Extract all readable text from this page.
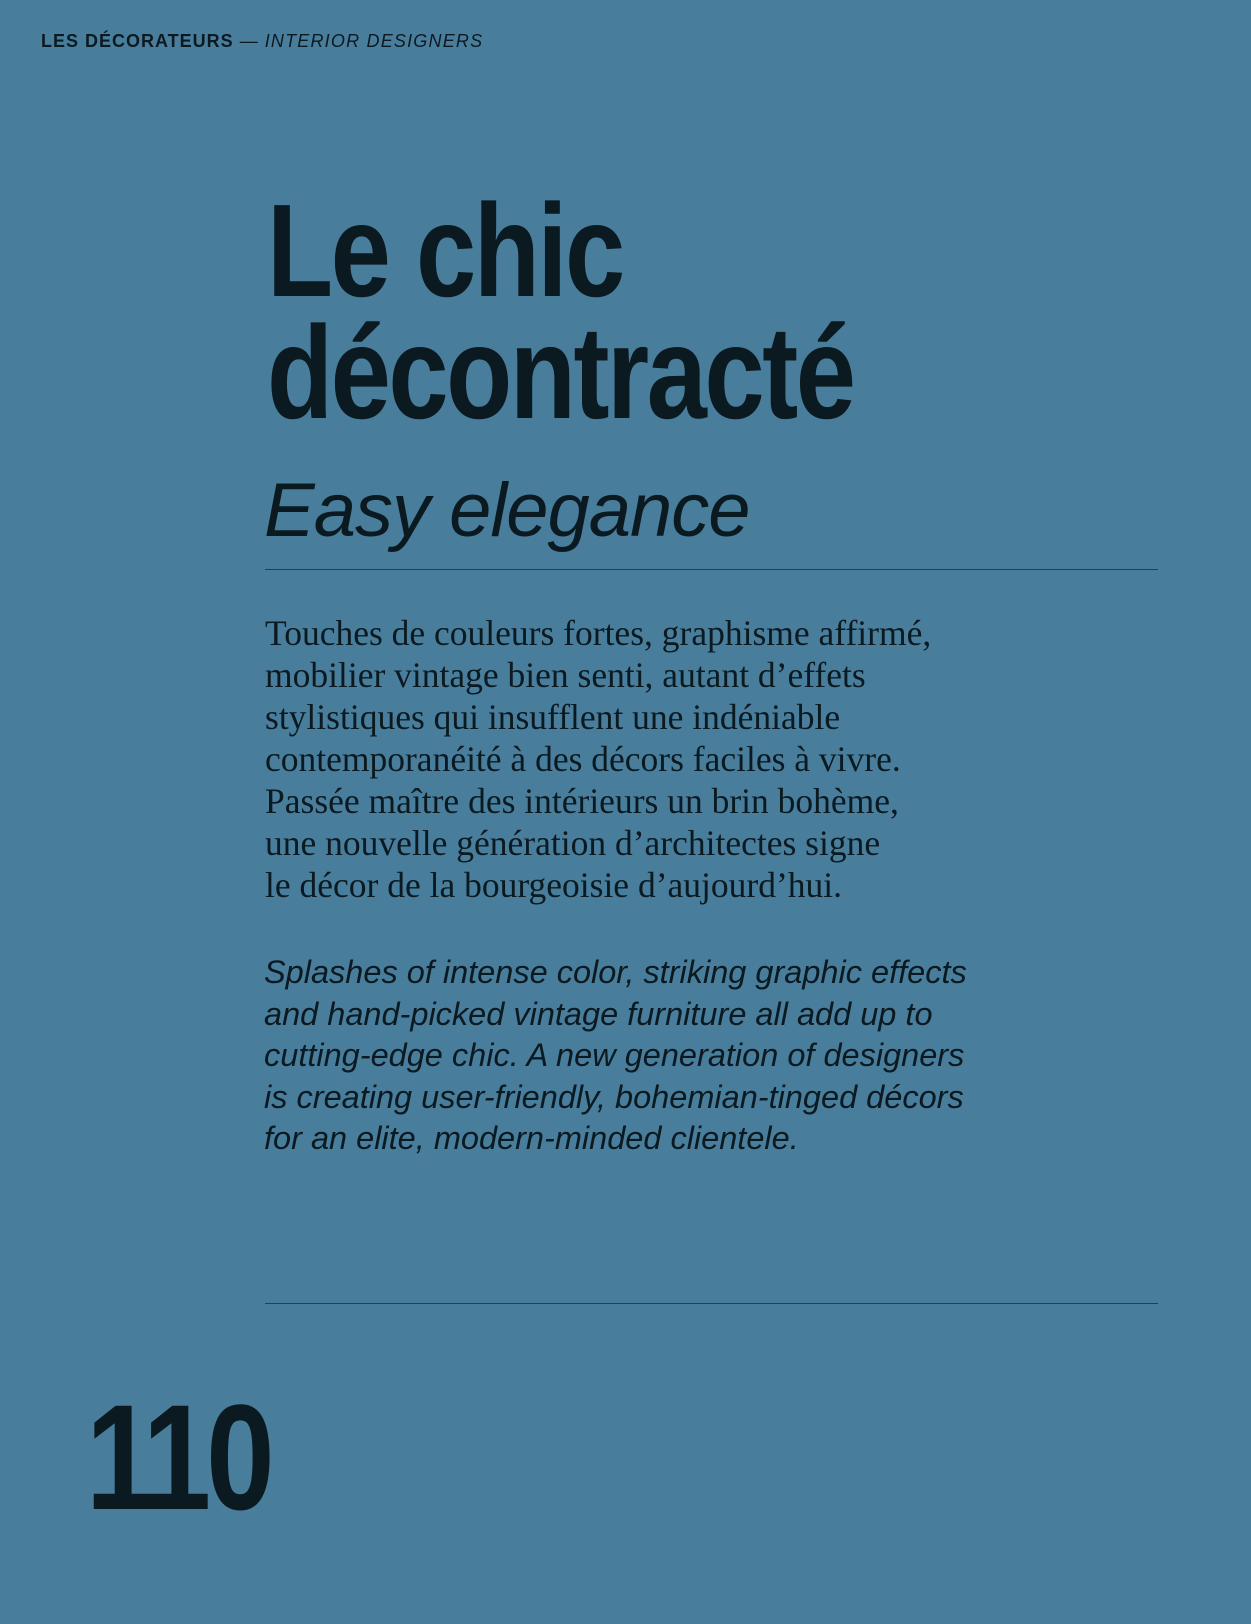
LES DÉCORATEURS — INTERIOR DESIGNERS
Le chic
décontracté
Easy elegance

Touches de couleurs fortes, graphisme affirmé,
mobilier vintage bien senti, autant d’effets
stylistiques qui insufflent une indéniable
contemporanéité à des décors faciles à vivre.
Passée maître des intérieurs un brin bohème,
une nouvelle génération d’architectes signe
le décor de la bourgeoisie d’aujourd’hui.

Splashes of intense color, striking graphic effects
and hand-picked vintage furniture all add up to
cutting-edge chic. A new generation of designers
is creating user-friendly, bohemian-tinged décors
for an elite, modern-minded clientele.

110
